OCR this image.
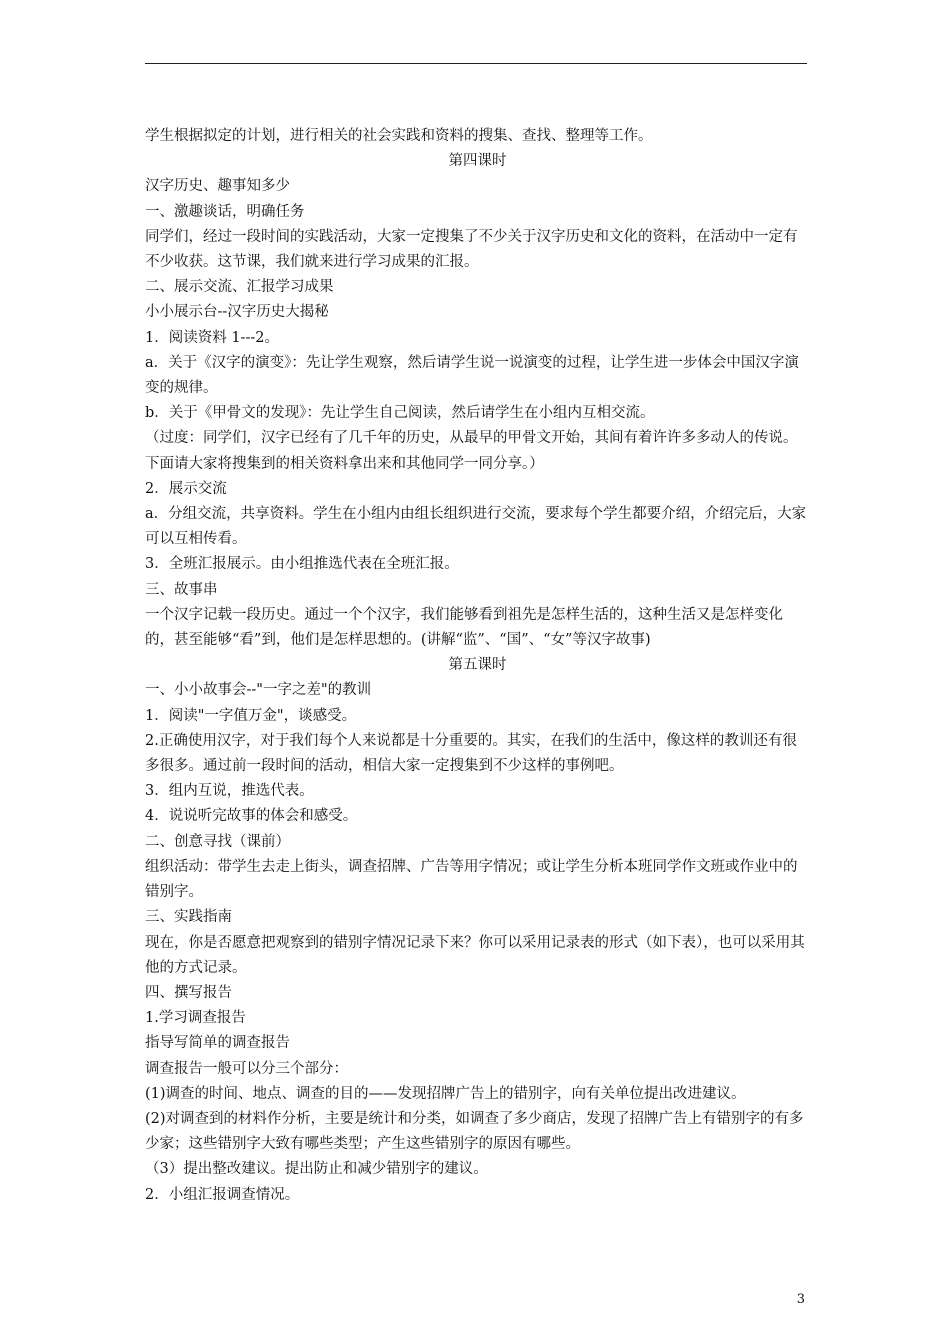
学生根据拟定的计划，进行相关的社会实践和资料的搜集、查找、整理等工作。

第四课时

汉字历史、趣事知多少

一、激趣谈话，明确任务

同学们，经过一段时间的实践活动，大家一定搜集了不少关于汉字历史和文化的资料，在活动中一定有不少收获。这节课，我们就来进行学习成果的汇报。

二、展示交流、汇报学习成果

小小展示台--汉字历史大揭秘

1．阅读资料 1---2。

a．关于《汉字的演变》：先让学生观察，然后请学生说一说演变的过程，让学生进一步体会中国汉字演变的规律。

b．关于《甲骨文的发现》：先让学生自己阅读，然后请学生在小组内互相交流。

（过度：同学们，汉字已经有了几千年的历史，从最早的甲骨文开始，其间有着许许多多动人的传说。下面请大家将搜集到的相关资料拿出来和其他同学一同分享。）

2．展示交流

a．分组交流，共享资料。学生在小组内由组长组织进行交流，要求每个学生都要介绍，介绍完后，大家可以互相传看。

3．全班汇报展示。由小组推选代表在全班汇报。

三、故事串

一个汉字记载一段历史。通过一个个汉字，我们能够看到祖先是怎样生活的，这种生活又是怎样变化的，甚至能够“看”到，他们是怎样思想的。(讲解“监”、“国”、“女”等汉字故事)

第五课时

一、小小故事会--"一字之差"的教训

1．阅读"一字值万金"，谈感受。

2.正确使用汉字，对于我们每个人来说都是十分重要的。其实，在我们的生活中，像这样的教训还有很多很多。通过前一段时间的活动，相信大家一定搜集到不少这样的事例吧。

3．组内互说，推选代表。

4．说说听完故事的体会和感受。

二、创意寻找（课前）

组织活动：带学生去走上街头，调查招牌、广告等用字情况；或让学生分析本班同学作文班或作业中的错别字。

三、实践指南

现在，你是否愿意把观察到的错别字情况记录下来？你可以采用记录表的形式（如下表），也可以采用其他的方式记录。

四、撰写报告

1.学习调查报告

指导写简单的调查报告

调查报告一般可以分三个部分：

(1)调查的时间、地点、调查的目的——发现招牌广告上的错别字，向有关单位提出改进建议。

(2)对调查到的材料作分析，主要是统计和分类，如调查了多少商店，发现了招牌广告上有错别字的有多少家；这些错别字大致有哪些类型；产生这些错别字的原因有哪些。

（3）提出整改建议。提出防止和减少错别字的建议。

2．小组汇报调查情况。

3
